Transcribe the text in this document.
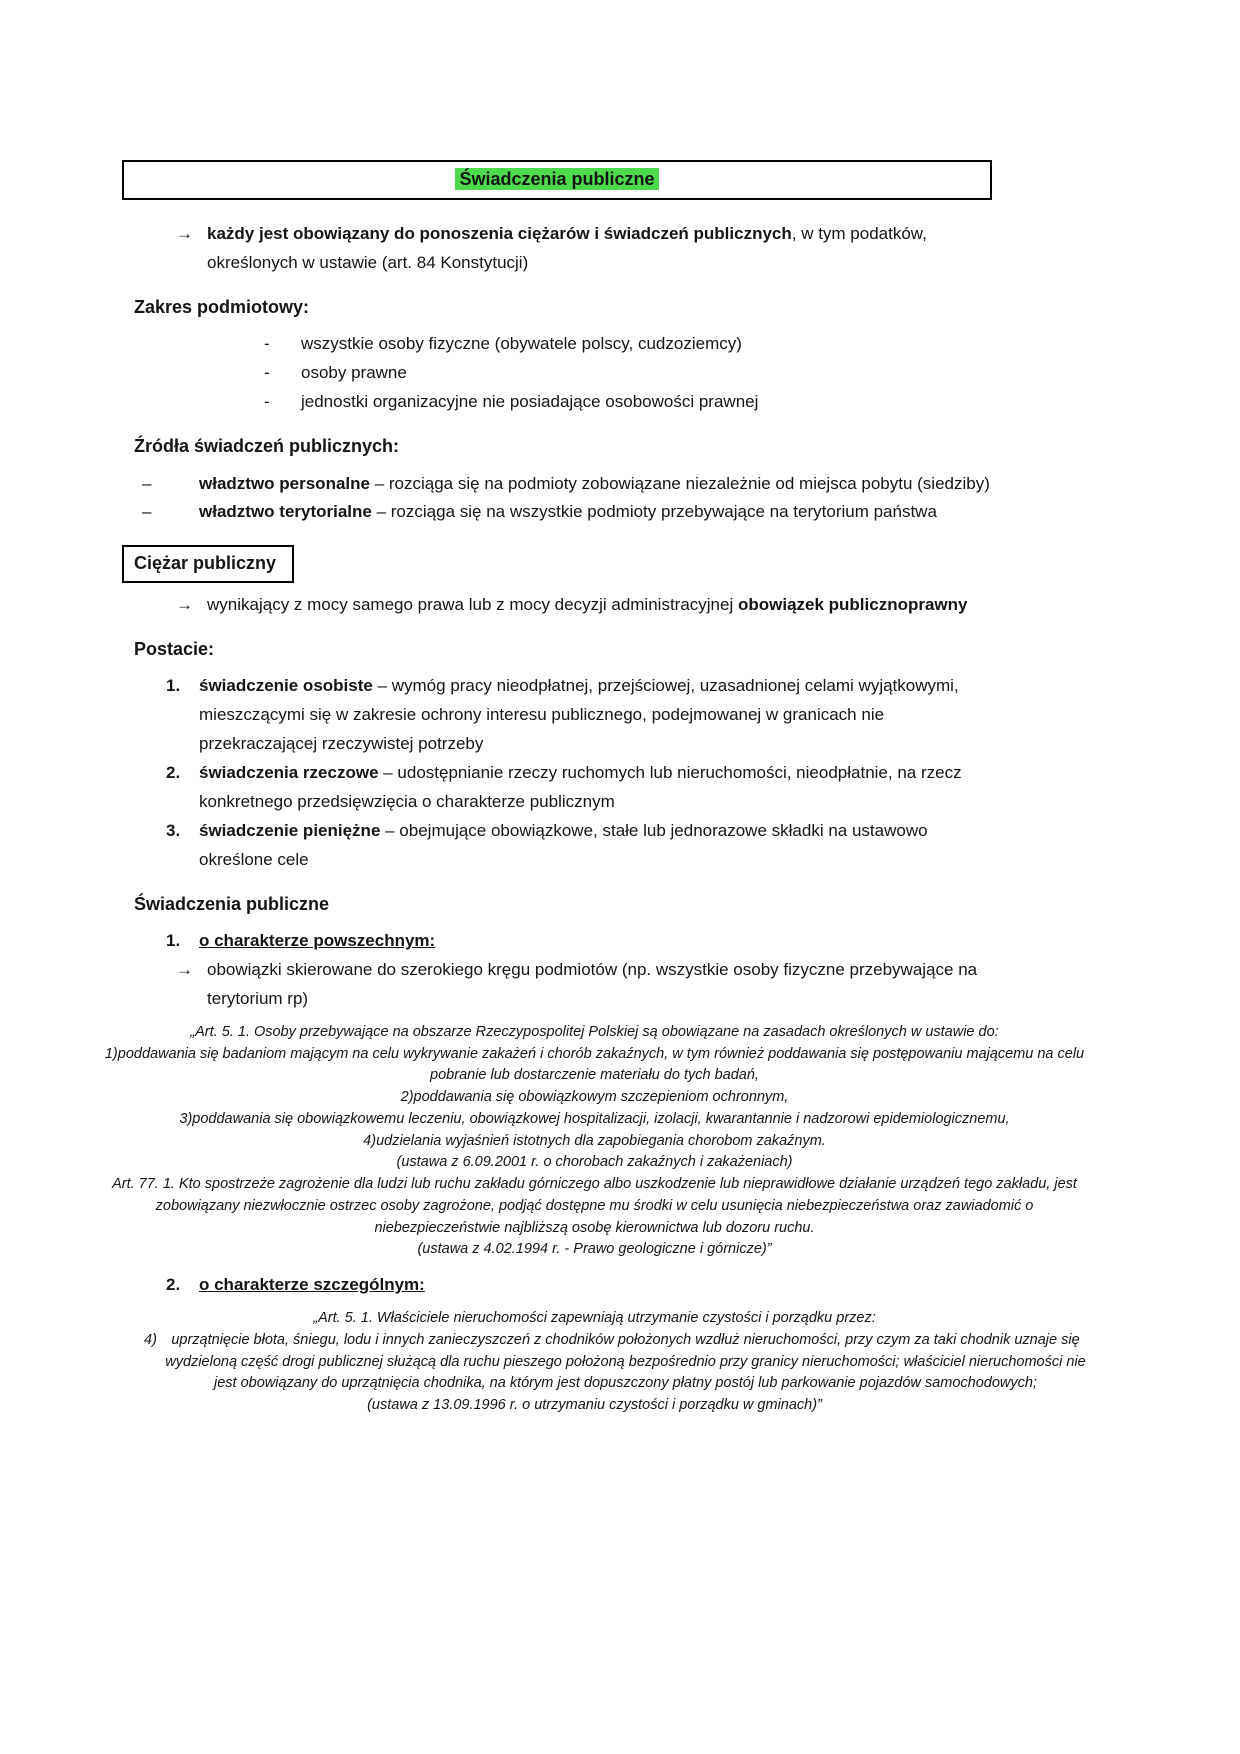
Świadczenia publiczne
→ każdy jest obowiązany do ponoszenia ciężarów i świadczeń publicznych, w tym podatków, określonych w ustawie (art. 84 Konstytucji)
Zakres podmiotowy:
-	wszystkie osoby fizyczne (obywatele polscy, cudzoziemcy)
-	osoby prawne
-	jednostki organizacyjne nie posiadające osobowości prawnej
Źródła świadczeń publicznych:
–	władztwo personalne – rozciąga się na podmioty zobowiązane niezależnie od miejsca pobytu (siedziby)
–	władztwo terytorialne – rozciąga się na wszystkie podmioty przebywające na terytorium państwa
Ciężar publiczny
→ wynikający z mocy samego prawa lub z mocy decyzji administracyjnej obowiązek publicznoprawny
Postacie:
1.	świadczenie osobiste – wymóg pracy nieodpłatnej, przejściowej, uzasadnionej celami wyjątkowymi, mieszczącymi się w zakresie ochrony interesu publicznego, podejmowanej w granicach nie przekraczającej rzeczywistej potrzeby
2.	świadczenia rzeczowe – udostępnianie rzeczy ruchomych lub nieruchomości, nieodpłatnie, na rzecz konkretnego przedsięwzięcia o charakterze publicznym
3.	świadczenie pieniężne – obejmujące obowiązkowe, stałe lub jednorazowe składki na ustawowo określone cele
Świadczenia publiczne
1.	o charakterze powszechnym:
→ obowiązki skierowane do szerokiego kręgu podmiotów (np. wszystkie osoby fizyczne przebywające na terytorium rp)

„Art. 5. 1. Osoby przebywające na obszarze Rzeczypospolitej Polskiej są obowiązane na zasadach określonych w ustawie do:

1)poddawania się badaniom mającym na celu wykrywanie zakażeń i chorób zakaźnych, w tym również poddawania się postępowaniu mającemu na celu pobranie lub dostarczenie materiału do tych badań,

2)poddawania się obowiązkowym szczepieniom ochronnym,

3)poddawania się obowiązkowemu leczeniu, obowiązkowej hospitalizacji, izolacji, kwarantannie i nadzorowi epidemiologicznemu,

4)udzielania wyjaśnień istotnych dla zapobiegania chorobom zakaźnym.

(ustawa z 6.09.2001 r. o chorobach zakaźnych i zakażeniach)

Art. 77. 1. Kto spostrzeże zagrożenie dla ludzi lub ruchu zakładu górniczego albo uszkodzenie lub nieprawidłowe działanie urządzeń tego zakładu, jest zobowiązany niezwłocznie ostrzec osoby zagrożone, podjąć dostępne mu środki w celu usunięcia niebezpieczeństwa oraz zawiadomić o niebezpieczeństwie najbliższą osobę kierownictwa lub dozoru ruchu.

(ustawa z 4.02.1994 r. - Prawo geologiczne i górnicze)”

2.	o charakterze szczególnym:

„Art. 5. 1. Właściciele nieruchomości zapewniają utrzymanie czystości i porządku przez:

4) uprzątnięcie błota, śniegu, lodu i innych zanieczyszczeń z chodników położonych wzdłuż nieruchomości, przy czym za taki chodnik uznaje się wydzieloną część drogi publicznej służącą dla ruchu pieszego położoną bezpośrednio przy granicy nieruchomości; właściciel nieruchomości nie jest obowiązany do uprzątnięcia chodnika, na którym jest dopuszczony płatny postój lub parkowanie pojazdów samochodowych;

(ustawa z 13.09.1996 r. o utrzymaniu czystości i porządku w gminach)”
